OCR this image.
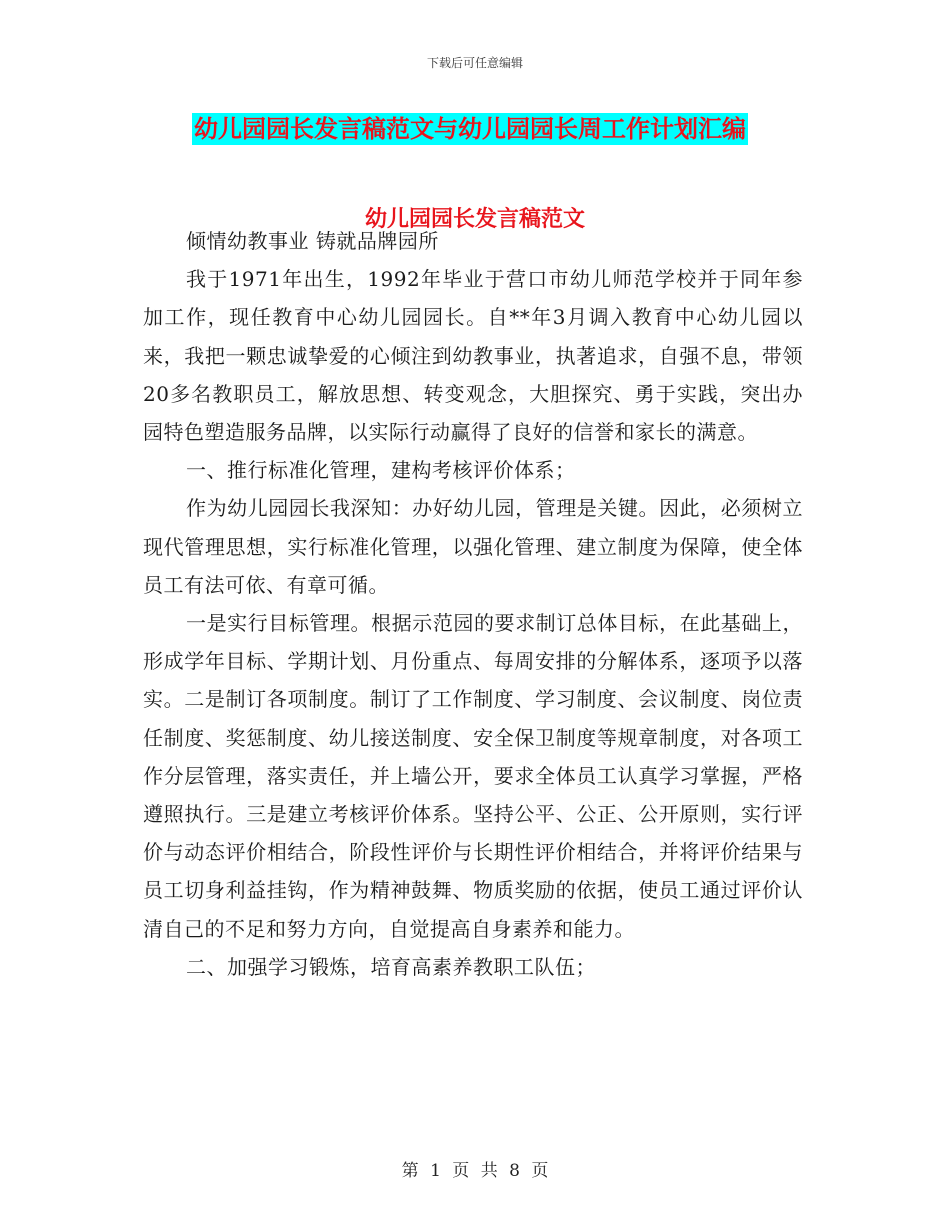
下载后可任意编辑
幼儿园园长发言稿范文与幼儿园园长周工作计划汇编
幼儿园园长发言稿范文

倾情幼教事业 铸就品牌园所

我于1971年出生，1992年毕业于营口市幼儿师范学校并于同年参加工作，现任教育中心幼儿园园长。自**年3月调入教育中心幼儿园以来，我把一颗忠诚挚爱的心倾注到幼教事业，执著追求，自强不息，带领 20多名教职员工，解放思想、转变观念，大胆探究、勇于实践，突出办园特色塑造服务品牌，以实际行动赢得了良好的信誉和家长的满意。

一、推行标准化管理，建构考核评价体系；

作为幼儿园园长我深知：办好幼儿园，管理是关键。因此，必须树立现代管理思想，实行标准化管理，以强化管理、建立制度为保障，使全体员工有法可依、有章可循。

一是实行目标管理。根据示范园的要求制订总体目标，在此基础上，形成学年目标、学期计划、月份重点、每周安排的分解体系，逐项予以落实。二是制订各项制度。制订了工作制度、学习制度、会议制度、岗位责任制度、奖惩制度、幼儿接送制度、安全保卫制度等规章制度，对各项工作分层管理，落实责任，并上墙公开，要求全体员工认真学习掌握，严格遵照执行。三是建立考核评价体系。坚持公平、公正、公开原则，实行评价与动态评价相结合，阶段性评价与长期性评价相结合，并将评价结果与员工切身利益挂钩，作为精神鼓舞、物质奖励的依据，使员工通过评价认清自己的不足和努力方向，自觉提高自身素养和能力。

二、加强学习锻炼，培育高素养教职工队伍；

第 1 页 共 8 页
